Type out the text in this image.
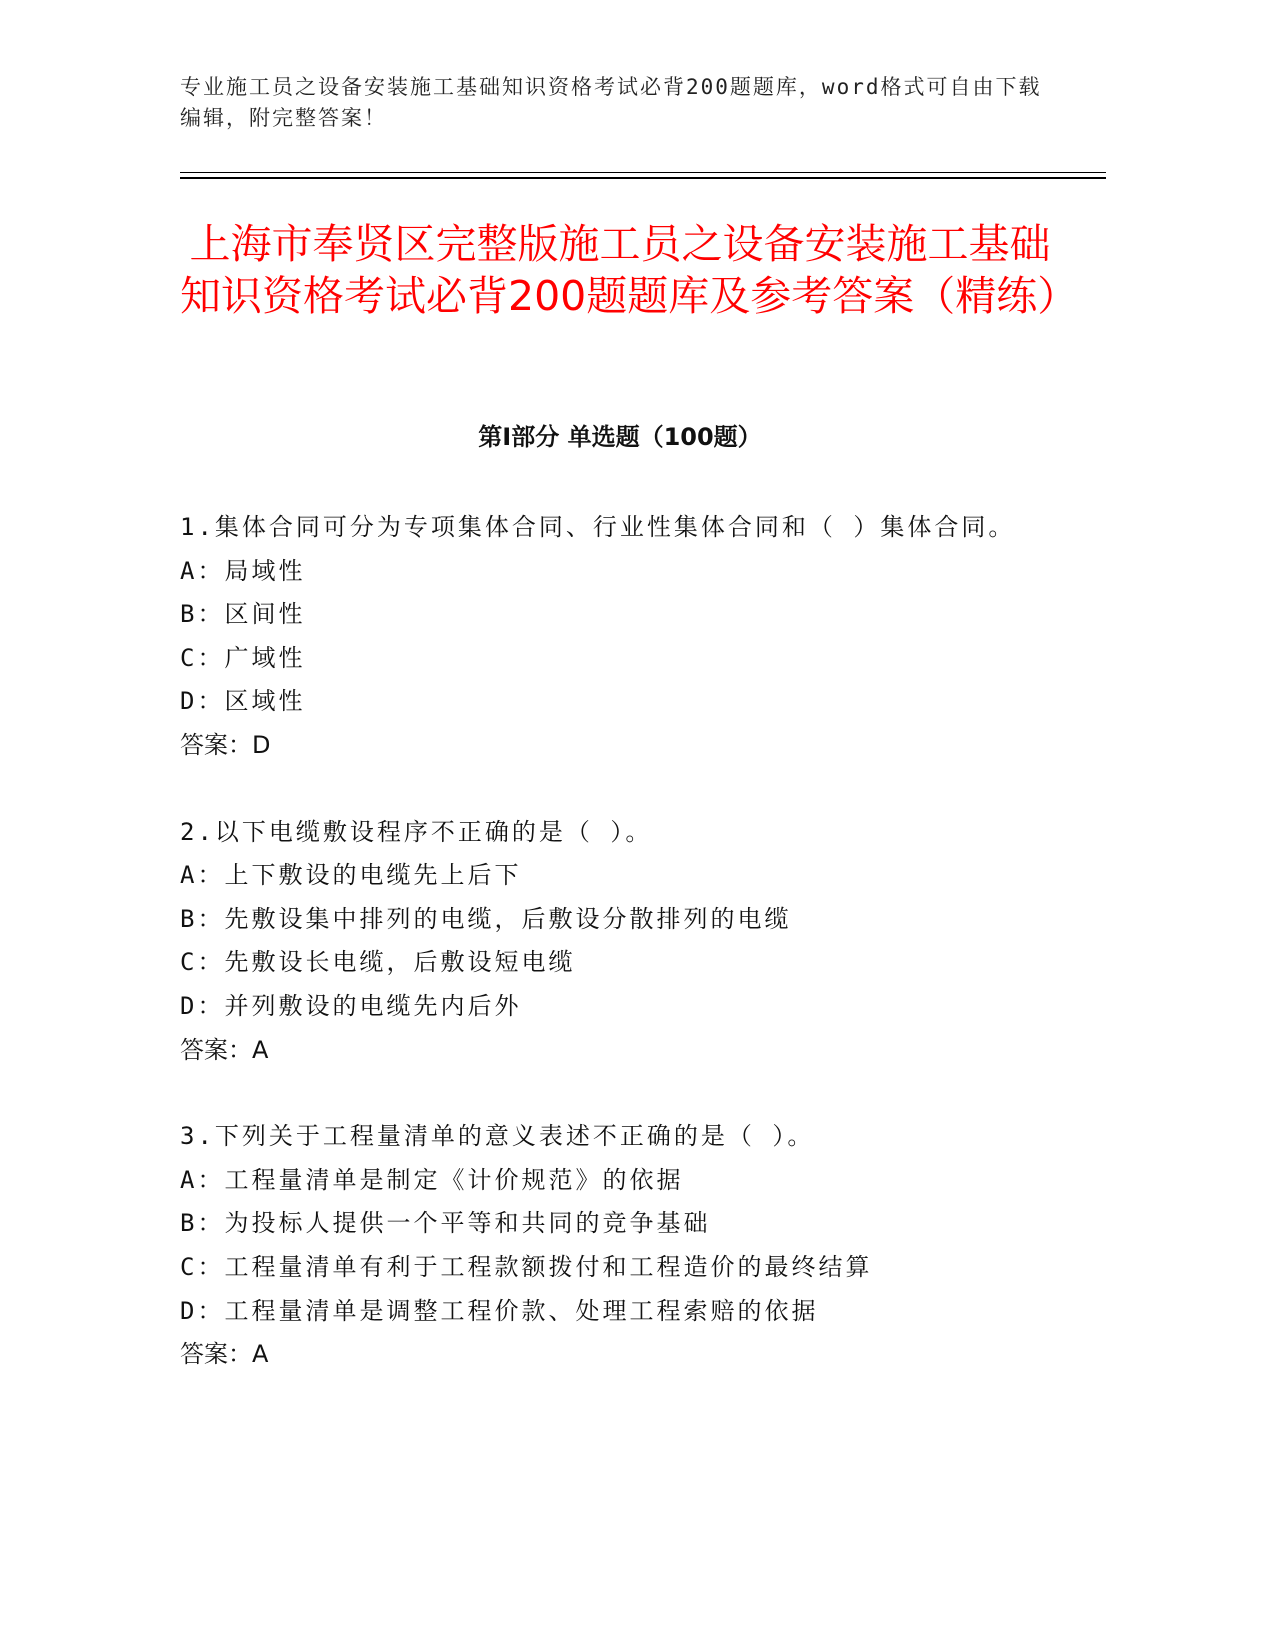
专业施工员之设备安装施工基础知识资格考试必背200题题库，word格式可自由下载编辑，附完整答案！
上海市奉贤区完整版施工员之设备安装施工基础知识资格考试必背200题题库及参考答案（精练）
第Ⅰ部分 单选题（100题）
1.集体合同可分为专项集体合同、行业性集体合同和（ ）集体合同。
A：局域性
B：区间性
C：广域性
D：区域性
答案：D
2.以下电缆敷设程序不正确的是（ ）。
A：上下敷设的电缆先上后下
B：先敷设集中排列的电缆，后敷设分散排列的电缆
C：先敷设长电缆，后敷设短电缆
D：并列敷设的电缆先内后外
答案：A
3.下列关于工程量清单的意义表述不正确的是（ ）。
A：工程量清单是制定《计价规范》的依据
B：为投标人提供一个平等和共同的竞争基础
C：工程量清单有利于工程款额拨付和工程造价的最终结算
D：工程量清单是调整工程价款、处理工程索赔的依据
答案：A
